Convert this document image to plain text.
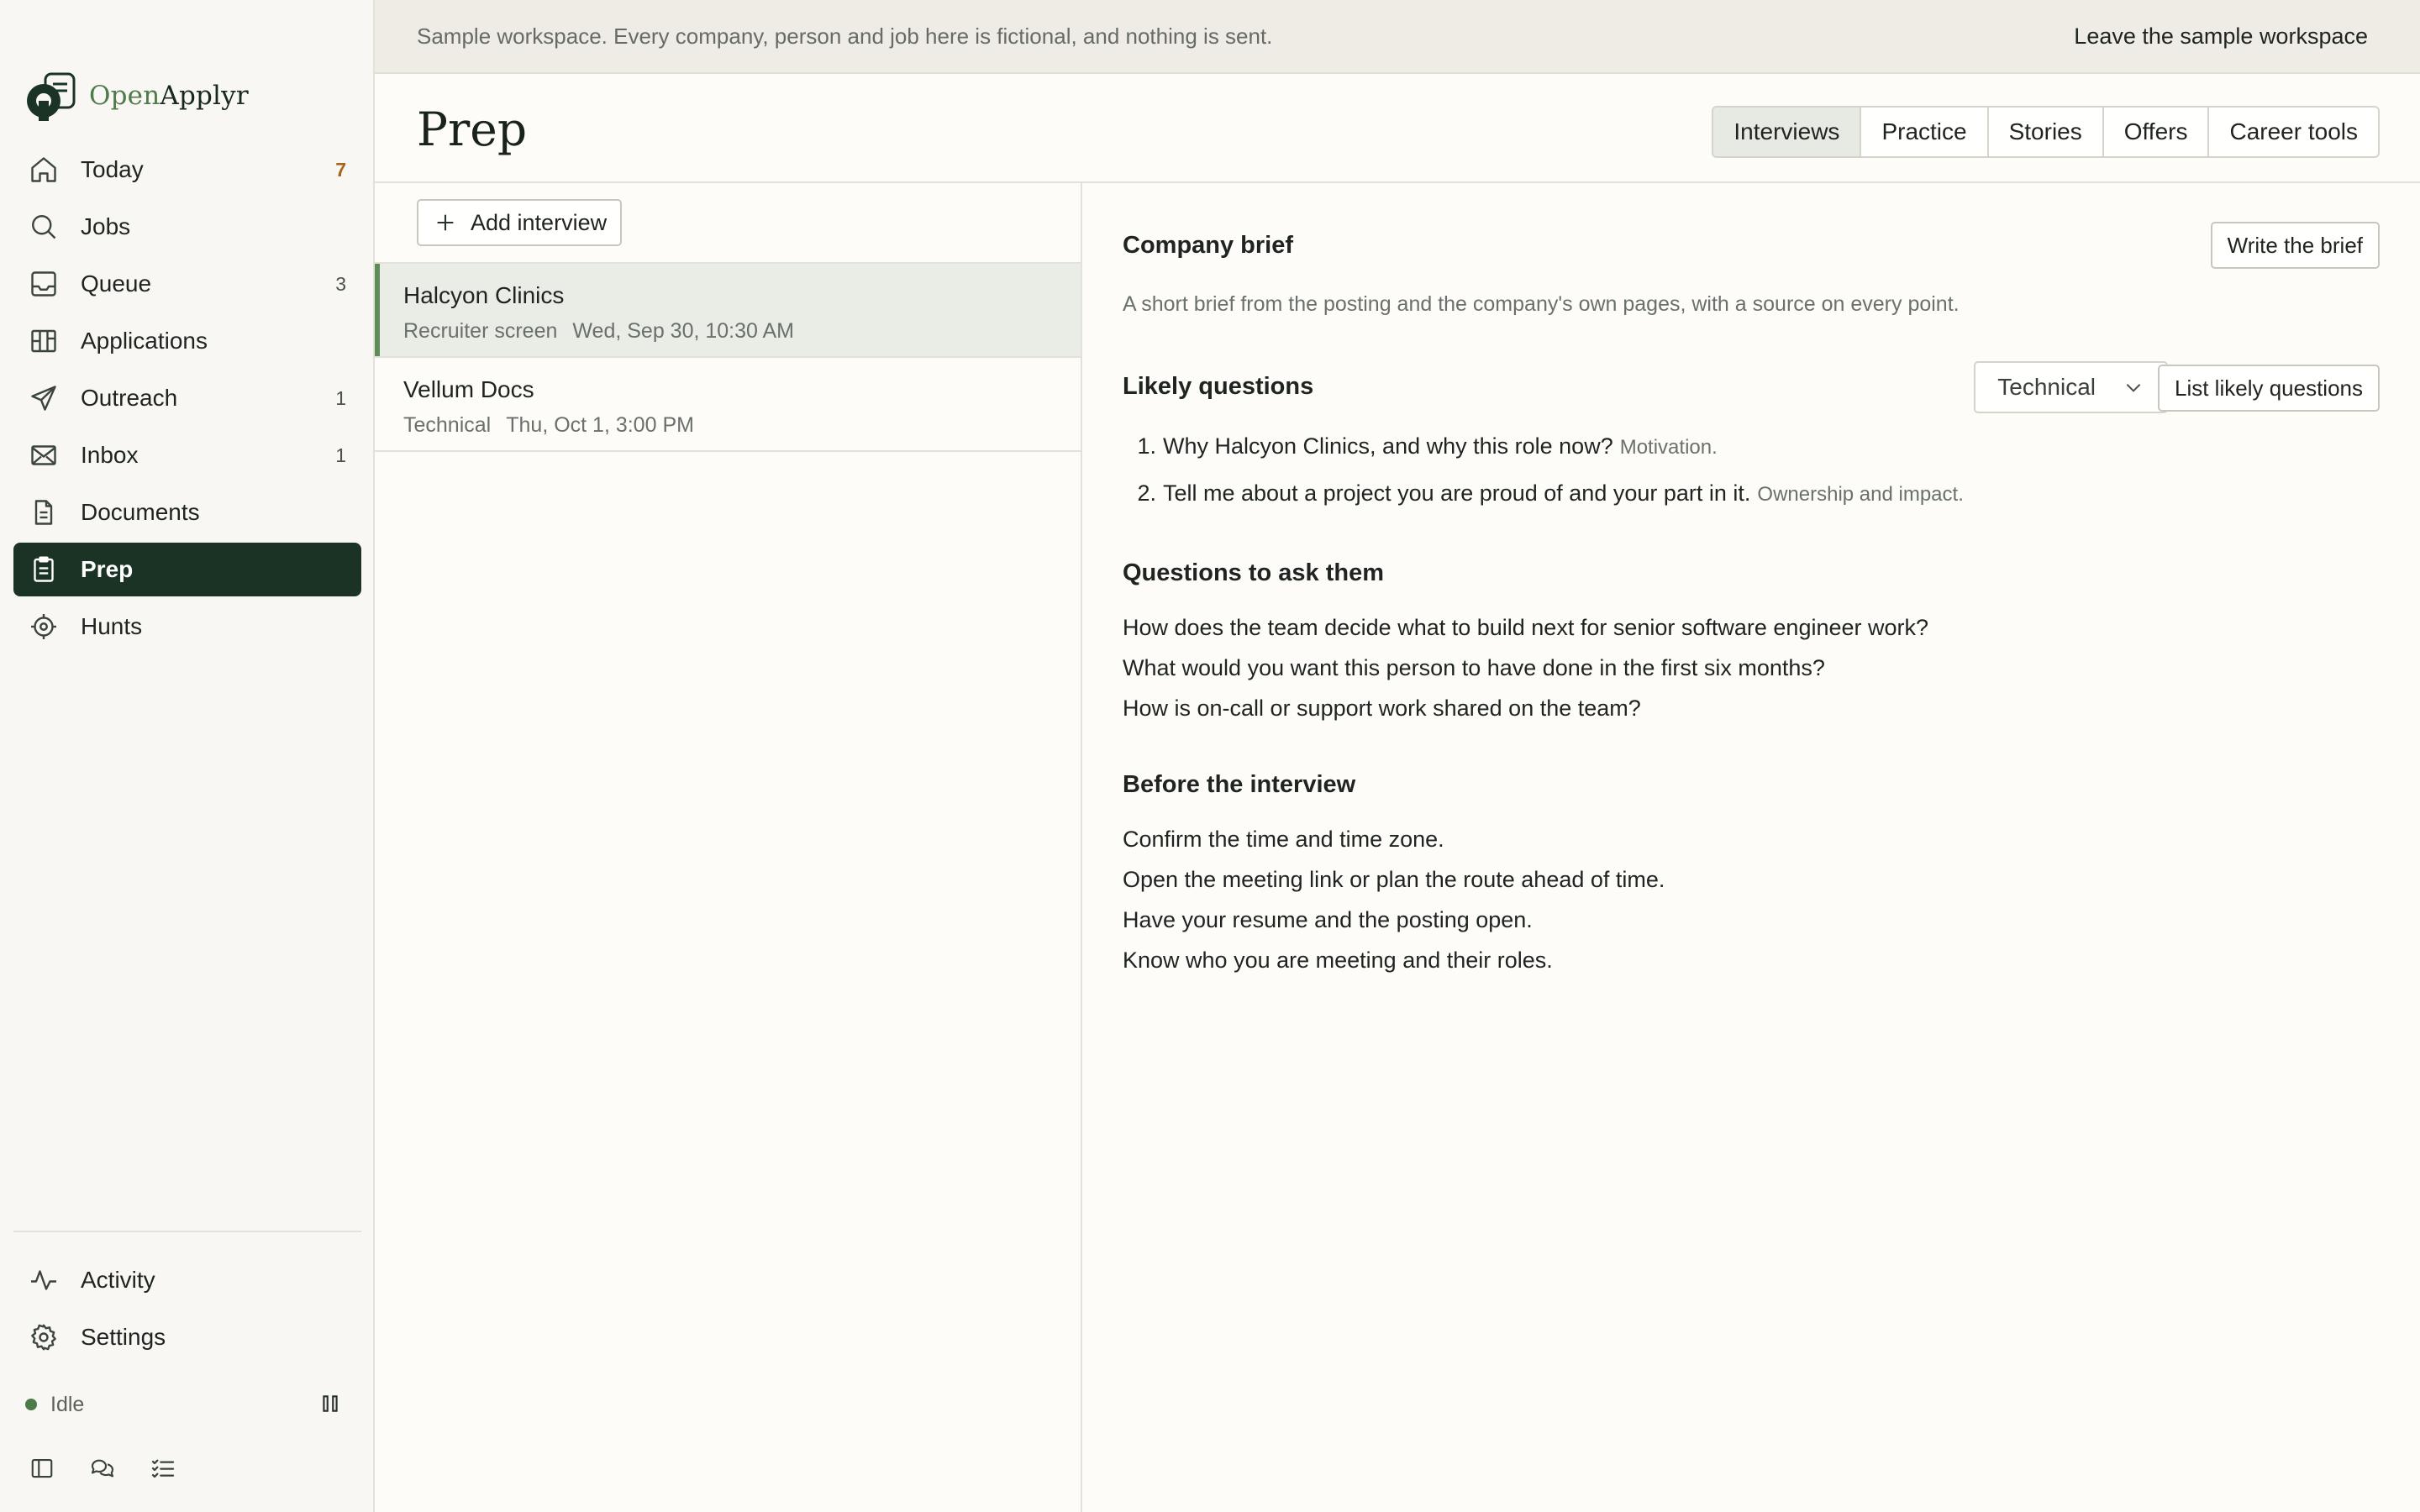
OpenApplyr
Today	7
Jobs
Queue	3
Applications
Outreach	1
Inbox	1
Documents
Prep
Hunts
Activity
Settings
Idle
Sample workspace. Every company, person and job here is fictional, and nothing is sent.	Leave the sample workspace
Prep	Interviews	Practice	Stories	Offers	Career tools
Add interview
Halcyon Clinics
Recruiter screen Wed, Sep 30, 10:30 AM
Vellum Docs
Technical Thu, Oct 1, 3:00 PM
Company brief	Write the brief
A short brief from the posting and the company's own pages, with a source on every point.
Likely questions	Technical	List likely questions
1. Why Halcyon Clinics, and why this role now? Motivation.
2. Tell me about a project you are proud of and your part in it. Ownership and impact.
Questions to ask them
How does the team decide what to build next for senior software engineer work?
What would you want this person to have done in the first six months?
How is on-call or support work shared on the team?
Before the interview
Confirm the time and time zone.
Open the meeting link or plan the route ahead of time.
Have your resume and the posting open.
Know who you are meeting and their roles.
